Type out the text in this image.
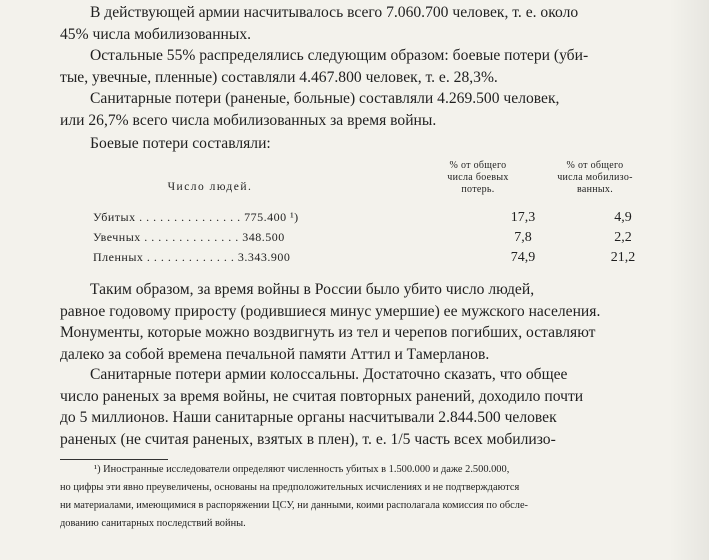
В действующей армии насчитывалось всего 7.060.700 человек, т. е. около
45% числа мобилизованных.

Остальные 55% распределялись следующим образом: боевые потери (уби-
тые, увечные, пленные) составляли 4.467.800 человек, т. е. 28,3%.

Санитарные потери (раненые, больные) составляли 4.269.500 человек,
или 26,7% всего числа мобилизованных за время войны.

Боевые потери составляли:

Число людей.
% от общего
числа боевых
потерь.
% от общего
числа мобилизо-
ванных.
Убитых . . . . . . . . . . . . . . . 775.400 ¹)	17,3	4,9
Увечных . . . . . . . . . . . . . . 348.500	7,8	2,2
Пленных . . . . . . . . . . . . . 3.343.900	74,9	21,2

Таким образом, за время войны в России было убито число людей,
равное годовому приросту (родившиеся минус умершие) ее мужского населения.
Монументы, которые можно воздвигнуть из тел и черепов погибших, оставляют
далеко за собой времена печальной памяти Аттил и Тамерланов.

Санитарные потери армии колоссальны. Достаточно сказать, что общее
число раненых за время войны, не считая повторных ранений, доходило почти
до 5 миллионов. Наши санитарные органы насчитывали 2.844.500 человек
раненых (не считая раненых, взятых в плен), т. е. 1/5 часть всех мобилизо-

¹) Иностранные исследователи определяют численность убитых в 1.500.000 и даже 2.500.000,
но цифры эти явно преувеличены, основаны на предположительных исчислениях и не подтверждаются
ни материалами, имеющимися в распоряжении ЦСУ, ни данными, коими располагала комиссия по обсле-
дованию санитарных последствий войны.
